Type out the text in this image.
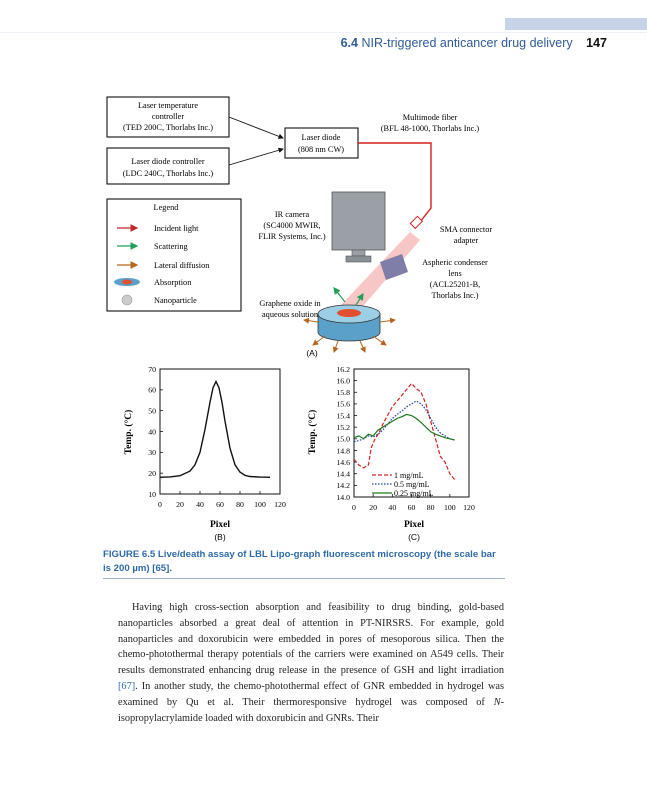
6.4 NIR-triggered anticancer drug delivery 147
Laser temperature
controller
(TED 200C, Thorlabs Inc.)
Laser diode controller
(LDC 240C, Thorlabs Inc.)
Laser diode
(808 nm CW)
Multimode fiber
(BFL 48-1000, Thorlabs Inc.)
SMA connector
adapter
IR camera
(SC4000 MWIR,
FLIR Systems, Inc.)
Aspheric condenser
lens
(ACL25201-B,
Thorlabs Inc.)
Graphene oxide in
aqueous solution
Legend
Incident light
Scattering
Lateral diffusion
Absorption
Nanoparticle
(A)
0 20 40 60 80 100 120
10
20
30
40
50
60
70
Pixel
Temp. (°C)
(B)
0 20 40 60 80 100 120
14.0
14.2
14.4
14.6
14.8
15.0
15.2
15.4
15.6
15.8
16.0
16.2
1 mg/mL
0.5 mg/mL
0.25 mg/mL
Pixel
Temp. (°C)
(C)
FIGURE 6.5 Live/death assay of LBL Lipo-graph fluorescent microscopy (the scale bar is 200 µm) [65].

Having high cross-section absorption and feasibility to drug binding, gold-based nanoparticles absorbed a great deal of attention in PT-NIRSRS. For example, gold nanoparticles and doxorubicin were embedded in pores of mesoporous silica. Then the chemo-photothermal therapy potentials of the carriers were examined on A549 cells. Their results demonstrated enhancing drug release in the presence of GSH and light irradiation [67]. In another study, the chemo-photothermal effect of GNR embedded in hydrogel was examined by Qu et al. Their thermoresponsive hydrogel was composed of N-isopropylacrylamide loaded with doxorubicin and GNRs. Their
